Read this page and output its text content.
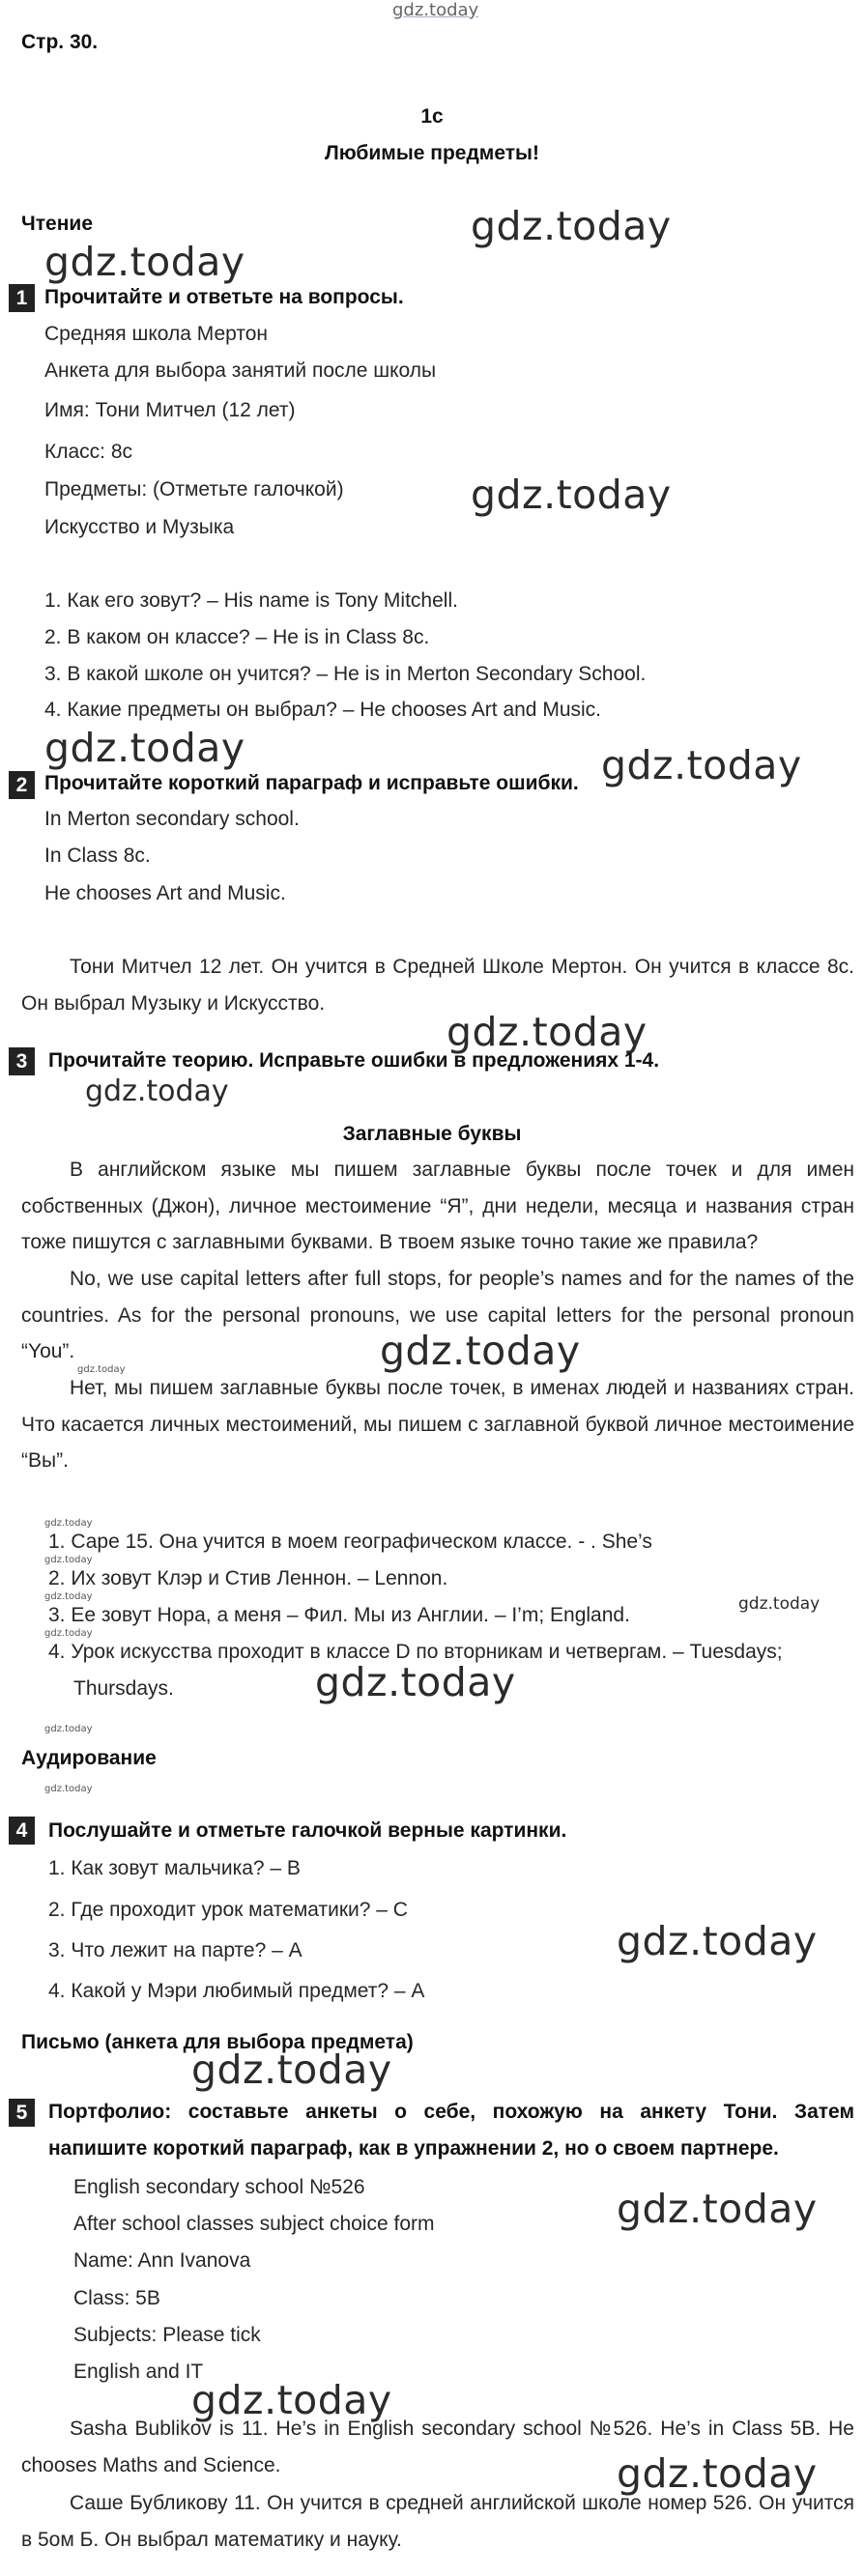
gdz.today
Стр. 30.
1c
Любимые предметы!
Чтение	gdz.today
gdz.today
1 Прочитайте и ответьте на вопросы.
Средняя школа Мертон
Анкета для выбора занятий после школы
Имя: Тони Митчел (12 лет)
Класс: 8c
Предметы: (Отметьте галочкой)	gdz.today
Искусство и Музыка
1. Как его зовут? – His name is Tony Mitchell.
2. В каком он классе? – He is in Class 8c.
3. В какой школе он учится? – He is in Merton Secondary School.
4. Какие предметы он выбрал? – He chooses Art and Music.
gdz.today	gdz.today
2 Прочитайте короткий параграф и исправьте ошибки.
In Merton secondary school.
In Class 8c.
He chooses Art and Music.
Тони Митчел 12 лет. Он учится в Средней Школе Мертон. Он учится в классе 8c. Он выбрал Музыку и Искусство.
gdz.today
3	Прочитайте теорию. Исправьте ошибки в предложениях 1-4.
gdz.today
Заглавные буквы
В английском языке мы пишем заглавные буквы после точек и для имен собственных (Джон), личное местоимение “Я”, дни недели, месяца и названия стран тоже пишутся с заглавными буквами. В твоем языке точно такие же правила?
No, we use capital letters after full stops, for people’s names and for the names of the countries. As for the personal pronouns, we use capital letters for the personal pronoun “You”.
gdz.today	gdz.today
Нет, мы пишем заглавные буквы после точек, в именах людей и названиях стран. Что касается личных местоимений, мы пишем с заглавной буквой личное местоимение “Вы”.
gdz.today
1. Саре 15. Она учится в моем географическом классе. - . She’s
gdz.today
2. Их зовут Клэр и Стив Леннон. – Lennon.
gdz.today
3. Ее зовут Нора, а меня – Фил. Мы из Англии. – I’m; England.	gdz.today
gdz.today
4. Урок искусства проходит в классе D по вторникам и четвергам. – Tuesdays;
Thursdays.	gdz.today
gdz.today
Аудирование
gdz.today
4	Послушайте и отметьте галочкой верные картинки.
1. Как зовут мальчика? – B
2. Где проходит урок математики? – C
3. Что лежит на парте? – A	gdz.today
4. Какой у Мэри любимый предмет? – A
Письмо (анкета для выбора предмета)
gdz.today
5	Портфолио: составьте анкеты о себе, похожую на анкету Тони. Затем
напишите короткий параграф, как в упражнении 2, но о своем партнере.
English secondary school №526
After school classes subject choice form	gdz.today
Name: Ann Ivanova
Class: 5B
Subjects: Please tick
English and IT
gdz.today
Sasha Bublikov is 11. He’s in English secondary school №526. He’s in Class 5B. He chooses Maths and Science.	gdz.today
Саше Бубликову 11. Он учится в средней английской школе номер 526. Он учится в 5ом Б. Он выбрал математику и науку.
